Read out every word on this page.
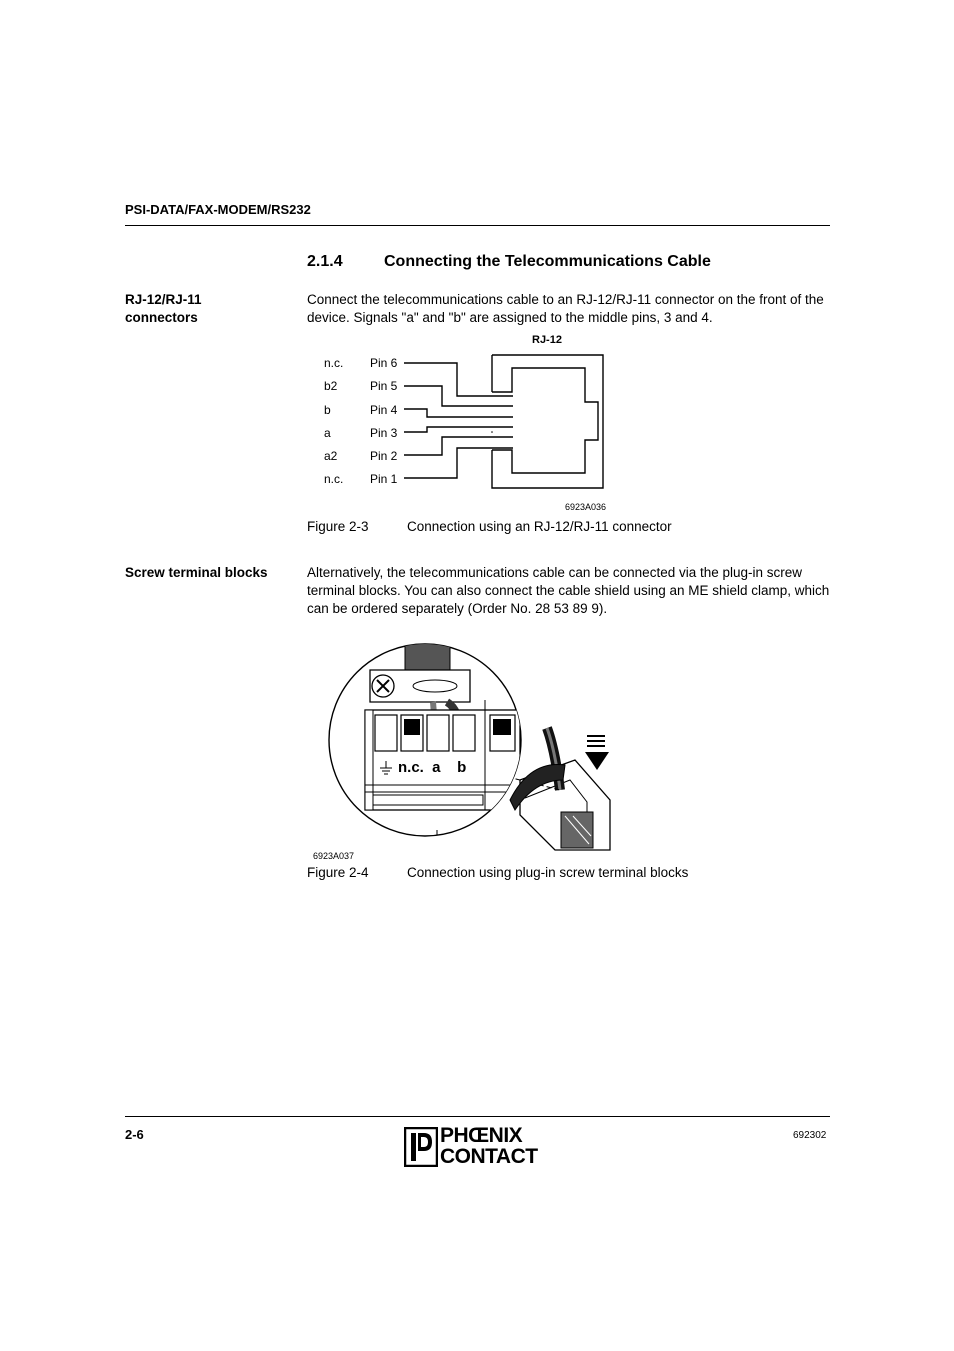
PSI-DATA/FAX-MODEM/RS232
2.1.4	Connecting the Telecommunications Cable
RJ-12/RJ-11
connectors
Connect the telecommunications cable to an RJ-12/RJ-11 connector on the front of the device. Signals "a" and "b" are assigned to the middle pins, 3 and 4.
RJ-12
n.c. Pin 6
b2	Pin 5
b	Pin 4
a	Pin 3
a2	Pin 2
n.c. Pin 1
6923A036
Figure 2-3	Connection using an RJ-12/RJ-11 connector
Screw terminal blocks	Alternatively, the telecommunications cable can be connected via the plug-in screw terminal blocks. You can also connect the cable shield using an ME shield clamp, which can be ordered separately (Order No. 28 53 89 9).
n.c.  a    b
6923A037
Figure 2-4	Connection using plug-in screw terminal blocks
2-6	PHŒNIX
CONTACT
692302
